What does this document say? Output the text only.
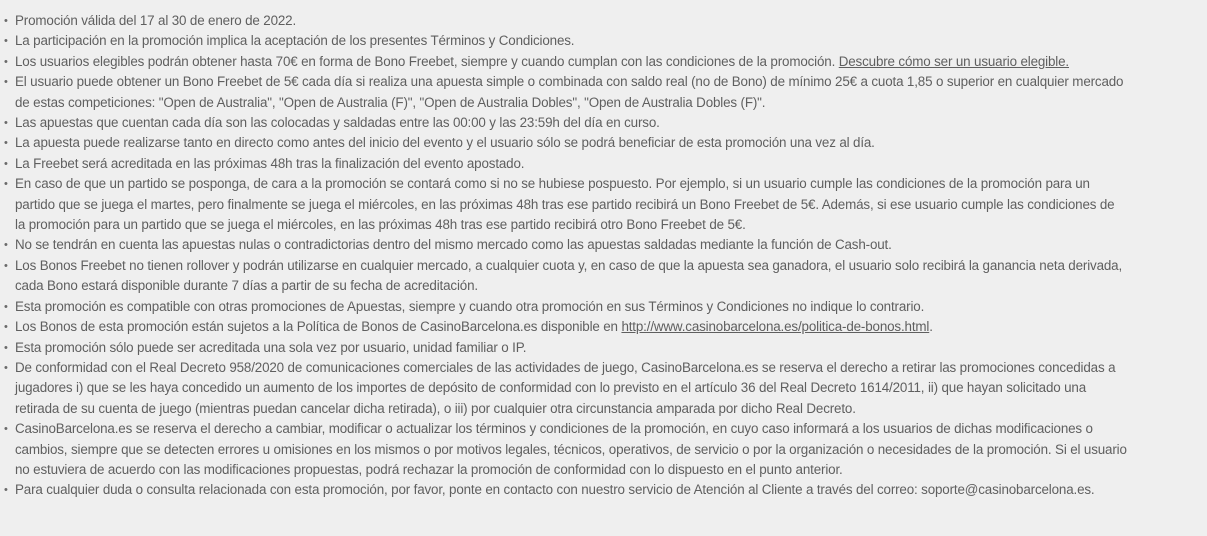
• Promoción válida del 17 al 30 de enero de 2022.
• La participación en la promoción implica la aceptación de los presentes Términos y Condiciones.
• Los usuarios elegibles podrán obtener hasta 70€ en forma de Bono Freebet, siempre y cuando cumplan con las condiciones de la promoción. Descubre cómo ser un usuario elegible.
• El usuario puede obtener un Bono Freebet de 5€ cada día si realiza una apuesta simple o combinada con saldo real (no de Bono) de mínimo 25€ a cuota 1,85 o superior en cualquier mercado de estas competiciones: "Open de Australia", "Open de Australia (F)", "Open de Australia Dobles", "Open de Australia Dobles (F)".
• Las apuestas que cuentan cada día son las colocadas y saldadas entre las 00:00 y las 23:59h del día en curso.
• La apuesta puede realizarse tanto en directo como antes del inicio del evento y el usuario sólo se podrá beneficiar de esta promoción una vez al día.
• La Freebet será acreditada en las próximas 48h tras la finalización del evento apostado.
• En caso de que un partido se posponga, de cara a la promoción se contará como si no se hubiese pospuesto. Por ejemplo, si un usuario cumple las condiciones de la promoción para un partido que se juega el martes, pero finalmente se juega el miércoles, en las próximas 48h tras ese partido recibirá un Bono Freebet de 5€. Además, si ese usuario cumple las condiciones de la promoción para un partido que se juega el miércoles, en las próximas 48h tras ese partido recibirá otro Bono Freebet de 5€.
• No se tendrán en cuenta las apuestas nulas o contradictorias dentro del mismo mercado como las apuestas saldadas mediante la función de Cash-out.
• Los Bonos Freebet no tienen rollover y podrán utilizarse en cualquier mercado, a cualquier cuota y, en caso de que la apuesta sea ganadora, el usuario solo recibirá la ganancia neta derivada, cada Bono estará disponible durante 7 días a partir de su fecha de acreditación.
• Esta promoción es compatible con otras promociones de Apuestas, siempre y cuando otra promoción en sus Términos y Condiciones no indique lo contrario.
• Los Bonos de esta promoción están sujetos a la Política de Bonos de CasinoBarcelona.es disponible en http://www.casinobarcelona.es/politica-de-bonos.html.
• Esta promoción sólo puede ser acreditada una sola vez por usuario, unidad familiar o IP.
• De conformidad con el Real Decreto 958/2020 de comunicaciones comerciales de las actividades de juego, CasinoBarcelona.es se reserva el derecho a retirar las promociones concedidas a jugadores i) que se les haya concedido un aumento de los importes de depósito de conformidad con lo previsto en el artículo 36 del Real Decreto 1614/2011, ii) que hayan solicitado una retirada de su cuenta de juego (mientras puedan cancelar dicha retirada), o iii) por cualquier otra circunstancia amparada por dicho Real Decreto.
• CasinoBarcelona.es se reserva el derecho a cambiar, modificar o actualizar los términos y condiciones de la promoción, en cuyo caso informará a los usuarios de dichas modificaciones o cambios, siempre que se detecten errores u omisiones en los mismos o por motivos legales, técnicos, operativos, de servicio o por la organización o necesidades de la promoción. Si el usuario no estuviera de acuerdo con las modificaciones propuestas, podrá rechazar la promoción de conformidad con lo dispuesto en el punto anterior.
• Para cualquier duda o consulta relacionada con esta promoción, por favor, ponte en contacto con nuestro servicio de Atención al Cliente a través del correo: soporte@casinobarcelona.es.
